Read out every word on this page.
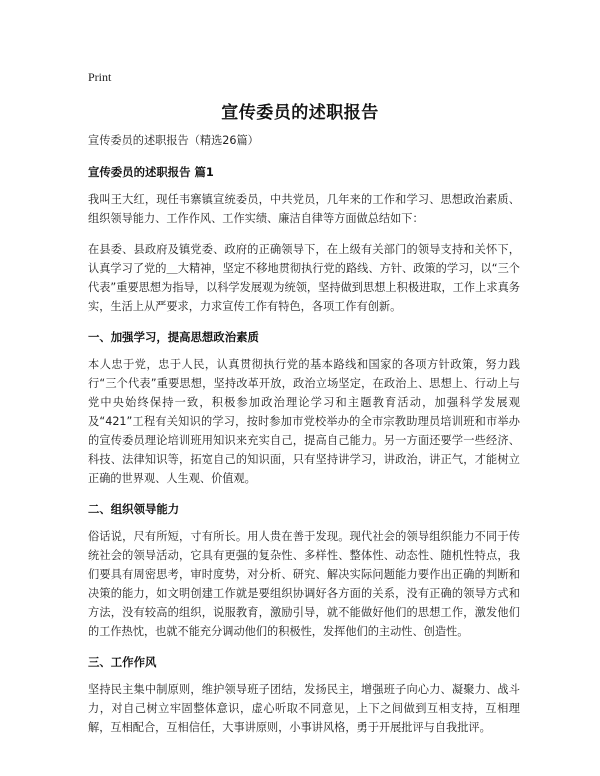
Print
宣传委员的述职报告

宣传委员的述职报告（精选26篇）

宣传委员的述职报告 篇1

我叫王大红，现任韦寨镇宣统委员，中共党员，几年来的工作和学习、思想政治素质、组织领导能力、工作作风、工作实绩、廉洁自律等方面做总结如下：

在县委、县政府及镇党委、政府的正确领导下，在上级有关部门的领导支持和关怀下，认真学习了党的＿大精神，坚定不移地贯彻执行党的路线、方针、政策的学习，以“三个代表”重要思想为指导，以科学发展观为统领，坚持做到思想上积极进取，工作上求真务实，生活上从严要求，力求宣传工作有特色，各项工作有创新。

一、加强学习，提高思想政治素质

本人忠于党，忠于人民，认真贯彻执行党的基本路线和国家的各项方针政策，努力践行“三个代表”重要思想，坚持改革开放，政治立场坚定，在政治上、思想上、行动上与党中央始终保持一致，积极参加政治理论学习和主题教育活动，加强科学发展观及“421”工程有关知识的学习，按时参加市党校举办的全市宗教助理员培训班和市举办的宣传委员理论培训班用知识来充实自己，提高自己能力。另一方面还要学一些经济、科技、法律知识等，拓宽自己的知识面，只有坚持讲学习，讲政治，讲正气，才能树立正确的世界观、人生观、价值观。

二、组织领导能力

俗话说，尺有所短，寸有所长。用人贵在善于发现。现代社会的领导组织能力不同于传统社会的领导活动，它具有更强的复杂性、多样性、整体性、动态性、随机性特点，我们要具有周密思考，审时度势，对分析、研究、解决实际问题能力要作出正确的判断和决策的能力，如文明创建工作就是要组织协调好各方面的关系，没有正确的领导方式和方法，没有较高的组织，说服教育，激励引导，就不能做好他们的思想工作，激发他们的工作热忱，也就不能充分调动他们的积极性，发挥他们的主动性、创造性。

三、工作作风

坚持民主集中制原则，维护领导班子团结，发扬民主，增强班子向心力、凝聚力、战斗力，对自己树立牢固整体意识，虚心听取不同意见，上下之间做到互相支持，互相理解，互相配合，互相信任，大事讲原则，小事讲风格，勇于开展批评与自我批评。
